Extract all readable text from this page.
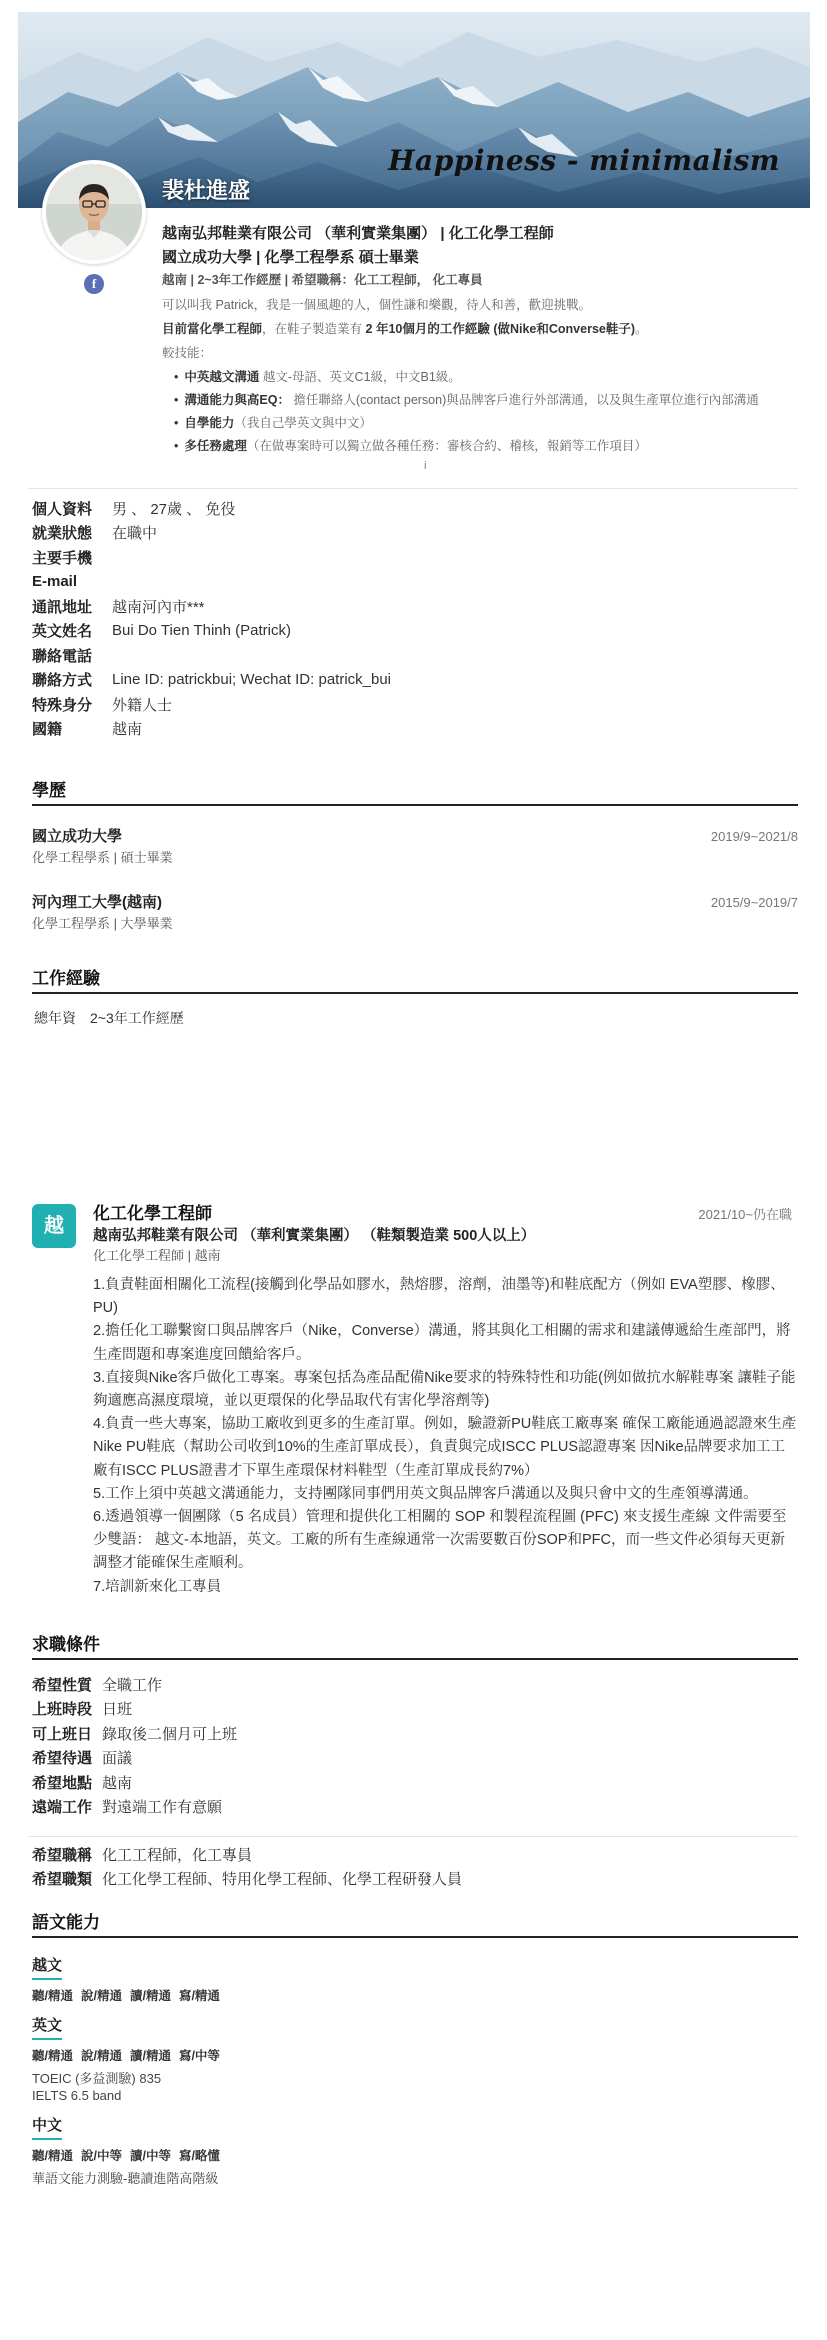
Happiness - minimalism
裴杜進盛
f
越南弘邦鞋業有限公司 （華利實業集團） | 化工化學工程師
國立成功大學 | 化學工程學系 碩士畢業
越南 | 2~3年工作經歷 | 希望職稱：化工工程師， 化工專員
可以叫我 Patrick，我是一個風趣的人，個性謙和樂觀，待人和善，歡迎挑戰。
目前當化學工程師，在鞋子製造業有 2 年10個月的工作經驗 (做Nike和Converse鞋子)。
較技能：
• 中英越文溝通 越文-母語、英文C1級，中文B1級。
• 溝通能力與高EQ： 擔任聯絡人(contact person)與品牌客戶進行外部溝通，以及與生產單位進行內部溝通
• 自學能力（我自己學英文與中文）
• 多任務處理（在做專案時可以獨立做各種任務：審核合約、稽核，報銷等工作項目）
i
個人資料	男 、 27歲 、 免役
就業狀態	在職中
主要手機
E-mail
通訊地址	越南河內市***
英文姓名	Bui Do Tien Thinh (Patrick)
聯絡電話
聯絡方式	Line ID: patrickbui; Wechat ID: patrick_bui
特殊身分	外籍人士
國籍	越南
學歷
國立成功大學
化學工程學系 | 碩士畢業
2019/9~2021/8
河內理工大學(越南)
化學工程學系 | 大學畢業
2015/9~2019/7
工作經驗
總年資 2~3年工作經歷
越
化工化學工程師	2021/10~仍在職
越南弘邦鞋業有限公司 （華利實業集團） （鞋類製造業 500人以上）
化工化學工程師 | 越南

1.負責鞋面相關化工流程(接觸到化學品如膠水，熱熔膠，溶劑，油墨等)和鞋底配方（例如 EVA塑膠、橡膠、PU)

2.擔任化工聯繫窗口與品牌客戶（Nike，Converse）溝通，將其與化工相關的需求和建議傳遞給生產部門，將生產問題和專案進度回饋給客戶。

3.直接與Nike客戶做化工專案。專案包括為產品配備Nike要求的特殊特性和功能(例如做抗水解鞋專案 讓鞋子能夠適應高濕度環境，並以更環保的化學品取代有害化學溶劑等)

4.負責一些大專案，協助工廠收到更多的生產訂單。例如，驗證新PU鞋底工廠專案 確保工廠能通過認證來生產Nike PU鞋底（幫助公司收到10%的生產訂單成長），負責與完成ISCC PLUS認證專案 因Nike品牌要求加工工廠有ISCC PLUS證書才下單生產環保材料鞋型（生產訂單成長約7%）

5.工作上須中英越文溝通能力，支持團隊同事們用英文與品牌客戶溝通以及與只會中文的生產領導溝通。

6.透過領導一個團隊（5 名成員）管理和提供化工相關的 SOP 和製程流程圖 (PFC) 來支援生產線 文件需要至少雙語： 越文-本地語，英文。工廠的所有生產線通常一次需要數百份SOP和PFC，而一些文件必須每天更新調整才能確保生產順利。

7.培訓新來化工專員

求職條件
希望性質 全職工作
上班時段 日班
可上班日 錄取後二個月可上班
希望待遇 面議
希望地點 越南
遠端工作 對遠端工作有意願
希望職稱 化工工程師，化工專員
希望職類 化工化學工程師、特用化學工程師、化學工程研發人員
語文能力
越文
聽/精通 說/精通 讀/精通 寫/精通
英文
聽/精通 說/精通 讀/精通 寫/中等
TOEIC (多益測驗) 835
IELTS 6.5 band
中文
聽/精通 說/中等 讀/中等 寫/略懂
華語文能力測驗-聽讀進階高階級
